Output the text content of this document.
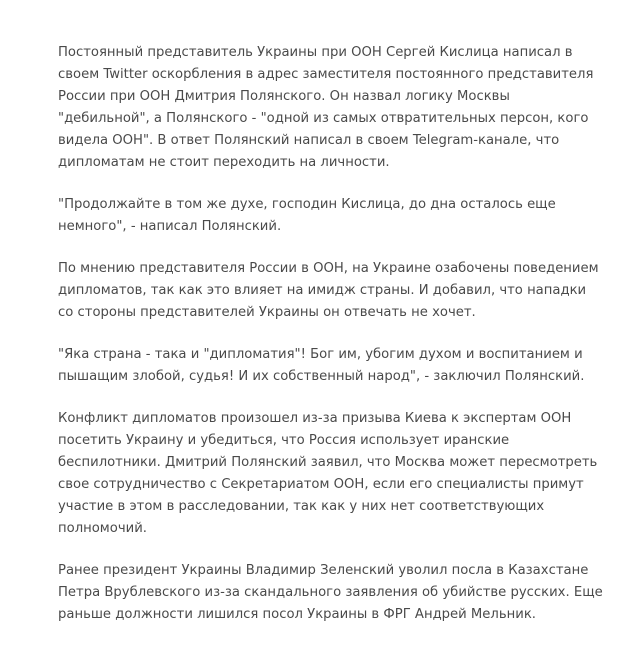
Постоянный представитель Украины при ООН Сергей Кислица написал в своем Twitter оскорбления в адрес заместителя постоянного представителя России при ООН Дмитрия Полянского. Он назвал логику Москвы "дебильной", а Полянского - "одной из самых отвратительных персон, кого видела ООН". В ответ Полянский написал в своем Telegram-канале, что дипломатам не стоит переходить на личности.

"Продолжайте в том же духе, господин Кислица, до дна осталось еще немного", - написал Полянский.

По мнению представителя России в ООН, на Украине озабочены поведением дипломатов, так как это влияет на имидж страны. И добавил, что нападки со стороны представителей Украины он отвечать не хочет.

"Яка страна - така и "дипломатия"! Бог им, убогим духом и воспитанием и пышащим злобой, судья! И их собственный народ", - заключил Полянский.

Конфликт дипломатов произошел из-за призыва Киева к экспертам ООН посетить Украину и убедиться, что Россия использует иранские беспилотники. Дмитрий Полянский заявил, что Москва может пересмотреть свое сотрудничество с Секретариатом ООН, если его специалисты примут участие в этом в расследовании, так как у них нет соответствующих полномочий.

Ранее президент Украины Владимир Зеленский уволил посла в Казахстане Петра Врублевского из-за скандального заявления об убийстве русских. Еще раньше должности лишился посол Украины в ФРГ Андрей Мельник.
